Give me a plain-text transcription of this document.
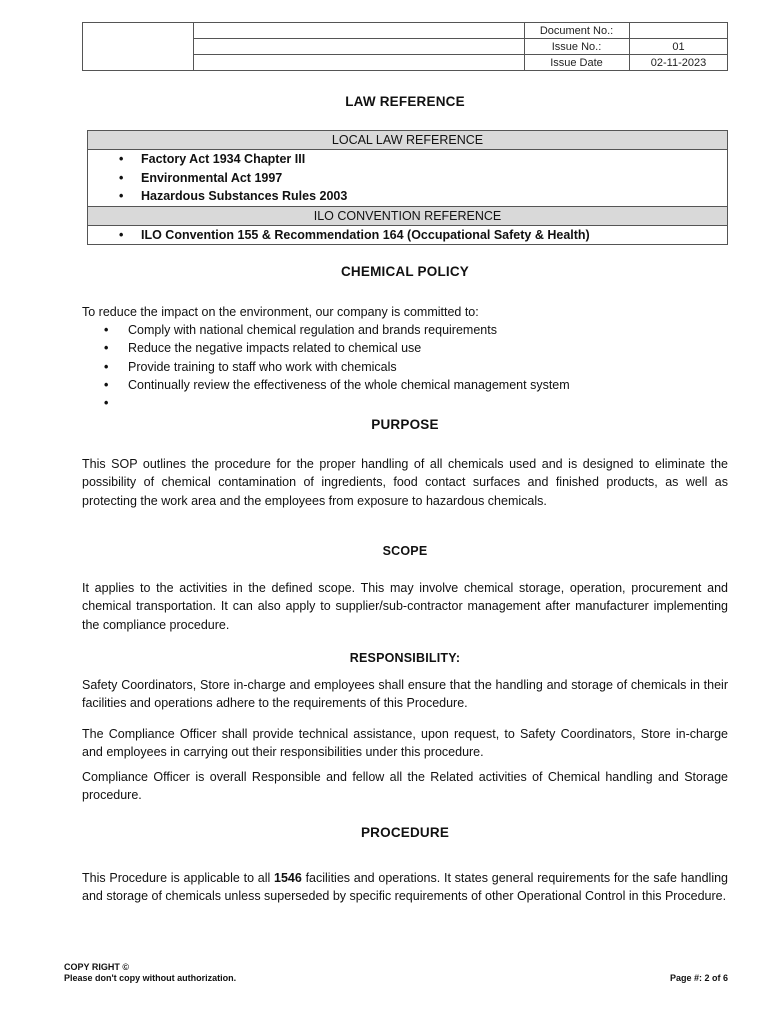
Document No.:
Issue No.:	01
Issue Date	02-11-2023
LAW REFERENCE
LOCAL LAW REFERENCE
• Factory Act 1934 Chapter III
• Environmental Act 1997
• Hazardous Substances Rules 2003
ILO CONVENTION REFERENCE
• ILO Convention 155 & Recommendation 164 (Occupational Safety & Health)
CHEMICAL POLICY

To reduce the impact on the environment, our company is committed to:

• Comply with national chemical regulation and brands requirements
• Reduce the negative impacts related to chemical use
• Provide training to staff who work with chemicals
• Continually review the effectiveness of the whole chemical management system
•
PURPOSE

This SOP outlines the procedure for the proper handling of all chemicals used and is designed to eliminate the possibility of chemical contamination of ingredients, food contact surfaces and finished products, as well as protecting the work area and the employees from exposure to hazardous chemicals.

SCOPE

It applies to the activities in the defined scope. This may involve chemical storage, operation, procurement and chemical transportation. It can also apply to supplier/sub-contractor management after manufacturer implementing the compliance procedure.

RESPONSIBILITY:

Safety Coordinators, Store in-charge and employees shall ensure that the handling and storage of chemicals in their facilities and operations adhere to the requirements of this Procedure.

The Compliance Officer shall provide technical assistance, upon request, to Safety Coordinators, Store in-charge and employees in carrying out their responsibilities under this procedure.

Compliance Officer is overall Responsible and fellow all the Related activities of Chemical handling and Storage procedure.

PROCEDURE

This Procedure is applicable to all 1546 facilities and operations. It states general requirements for the safe handling and storage of chemicals unless superseded by specific requirements of other Operational Control in this Procedure.

COPY RIGHT ©
Please don't copy without authorization.	Page #: 2 of 6
